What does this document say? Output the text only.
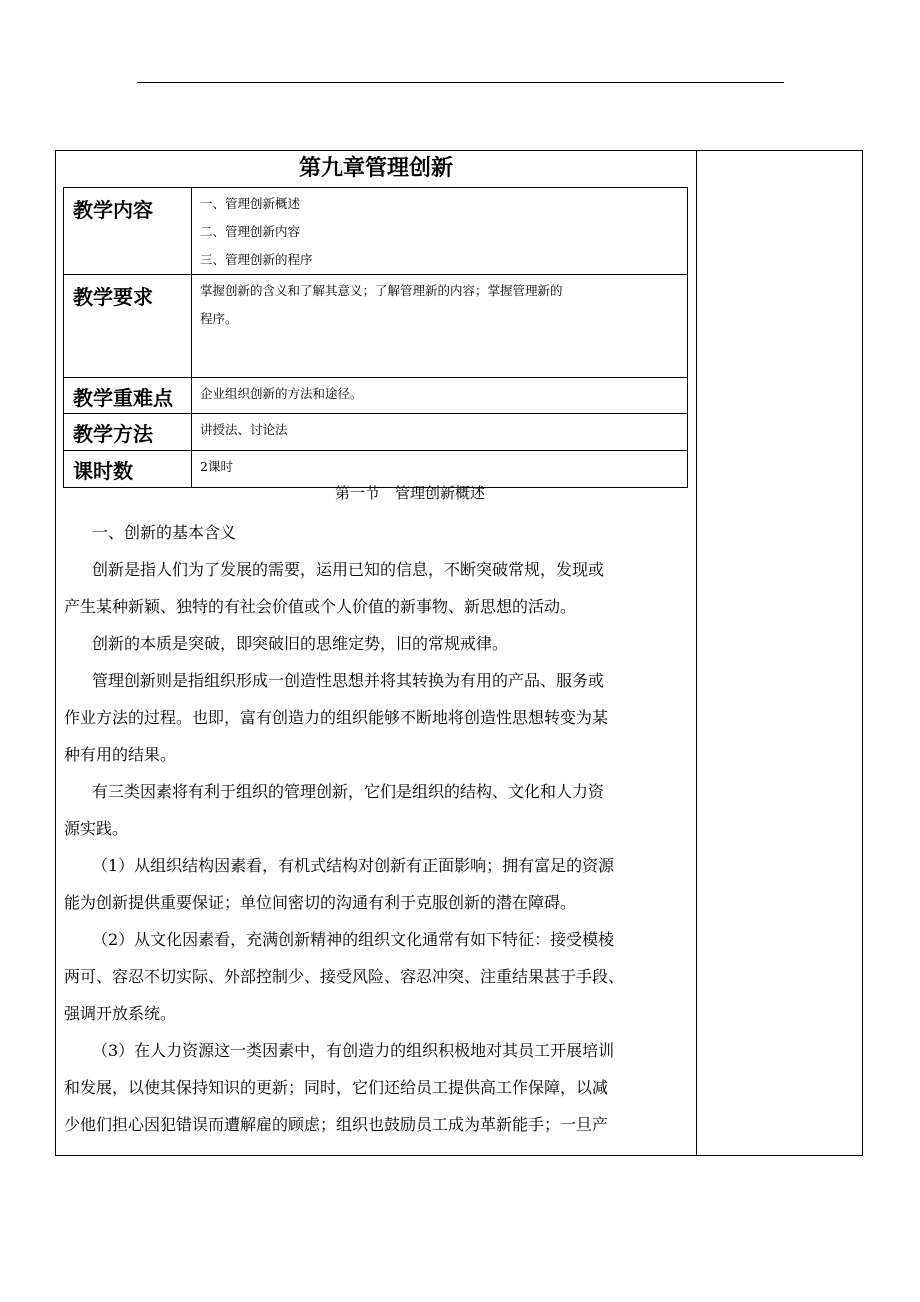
第九章管理创新
教学内容	一、管理创新概述
二、管理创新内容
三、管理创新的程序

教学要求	掌握创新的含义和了解其意义；了解管理新的内容；掌握管理新的
程序。

教学重难点	企业组织创新的方法和途径。
教学方法	讲授法、讨论法
课时数	2课时
第一节　管理创新概述
一、创新的基本含义
创新是指人们为了发展的需要，运用已知的信息，不断突破常规，发现或
产生某种新颖、独特的有社会价值或个人价值的新事物、新思想的活动。
创新的本质是突破，即突破旧的思维定势，旧的常规戒律。
管理创新则是指组织形成一创造性思想并将其转换为有用的产品、服务或
作业方法的过程。也即，富有创造力的组织能够不断地将创造性思想转变为某
种有用的结果。
有三类因素将有利于组织的管理创新，它们是组织的结构、文化和人力资
源实践。
（1）从组织结构因素看，有机式结构对创新有正面影响；拥有富足的资源
能为创新提供重要保证；单位间密切的沟通有利于克服创新的潜在障碍。
（2）从文化因素看，充满创新精神的组织文化通常有如下特征：接受模棱
两可、容忍不切实际、外部控制少、接受风险、容忍冲突、注重结果甚于手段、
强调开放系统。
（3）在人力资源这一类因素中，有创造力的组织积极地对其员工开展培训
和发展，以使其保持知识的更新；同时，它们还给员工提供高工作保障，以减
少他们担心因犯错误而遭解雇的顾虑；组织也鼓励员工成为革新能手；一旦产
